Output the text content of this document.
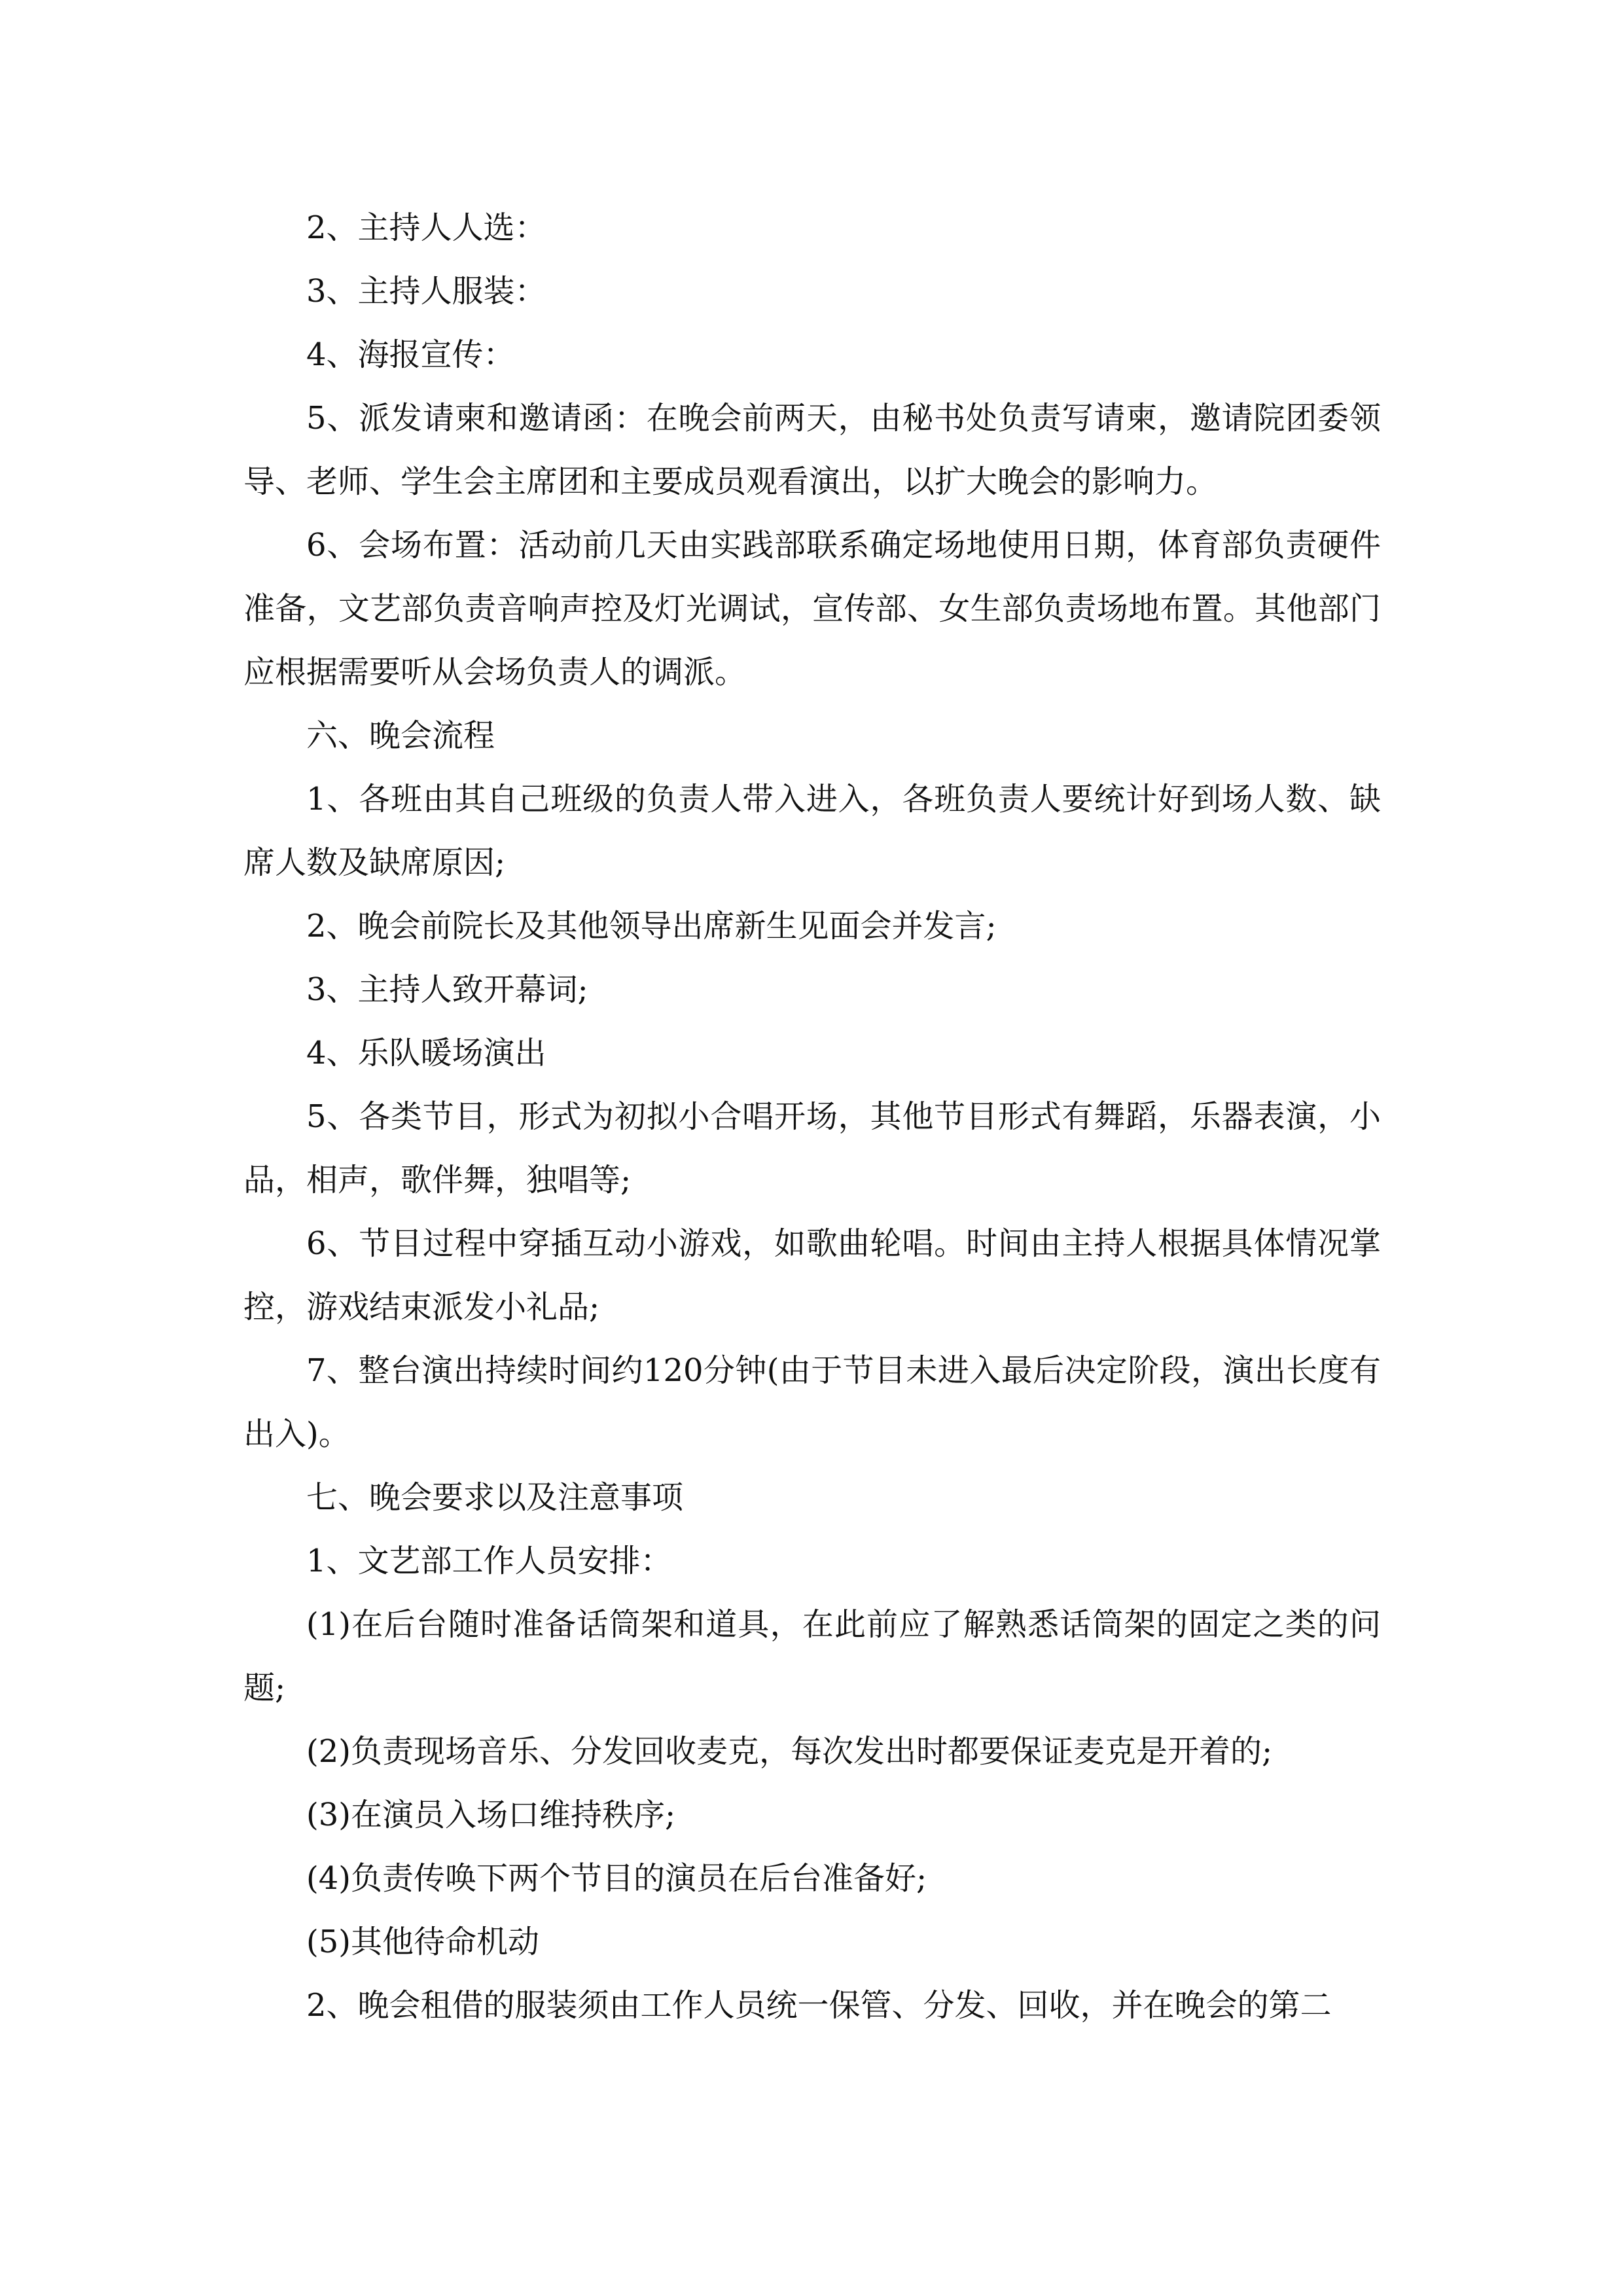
2、主持人人选：

3、主持人服装：

4、海报宣传：

5、派发请柬和邀请函：在晚会前两天，由秘书处负责写请柬，邀请院团委领导、老师、学生会主席团和主要成员观看演出，以扩大晚会的影响力。

6、会场布置：活动前几天由实践部联系确定场地使用日期，体育部负责硬件准备，文艺部负责音响声控及灯光调试，宣传部、女生部负责场地布置。其他部门应根据需要听从会场负责人的调派。

六、晚会流程

1、各班由其自己班级的负责人带入进入，各班负责人要统计好到场人数、缺席人数及缺席原因;

2、晚会前院长及其他领导出席新生见面会并发言;

3、主持人致开幕词;

4、乐队暖场演出

5、各类节目，形式为初拟小合唱开场，其他节目形式有舞蹈，乐器表演，小品，相声，歌伴舞，独唱等;

6、节目过程中穿插互动小游戏，如歌曲轮唱。时间由主持人根据具体情况掌控，游戏结束派发小礼品;

7、整台演出持续时间约120分钟(由于节目未进入最后决定阶段，演出长度有出入)。

七、晚会要求以及注意事项

1、文艺部工作人员安排：

(1)在后台随时准备话筒架和道具，在此前应了解熟悉话筒架的固定之类的问题;

(2)负责现场音乐、分发回收麦克，每次发出时都要保证麦克是开着的;

(3)在演员入场口维持秩序;

(4)负责传唤下两个节目的演员在后台准备好;

(5)其他待命机动

2、晚会租借的服装须由工作人员统一保管、分发、回收，并在晚会的第二
